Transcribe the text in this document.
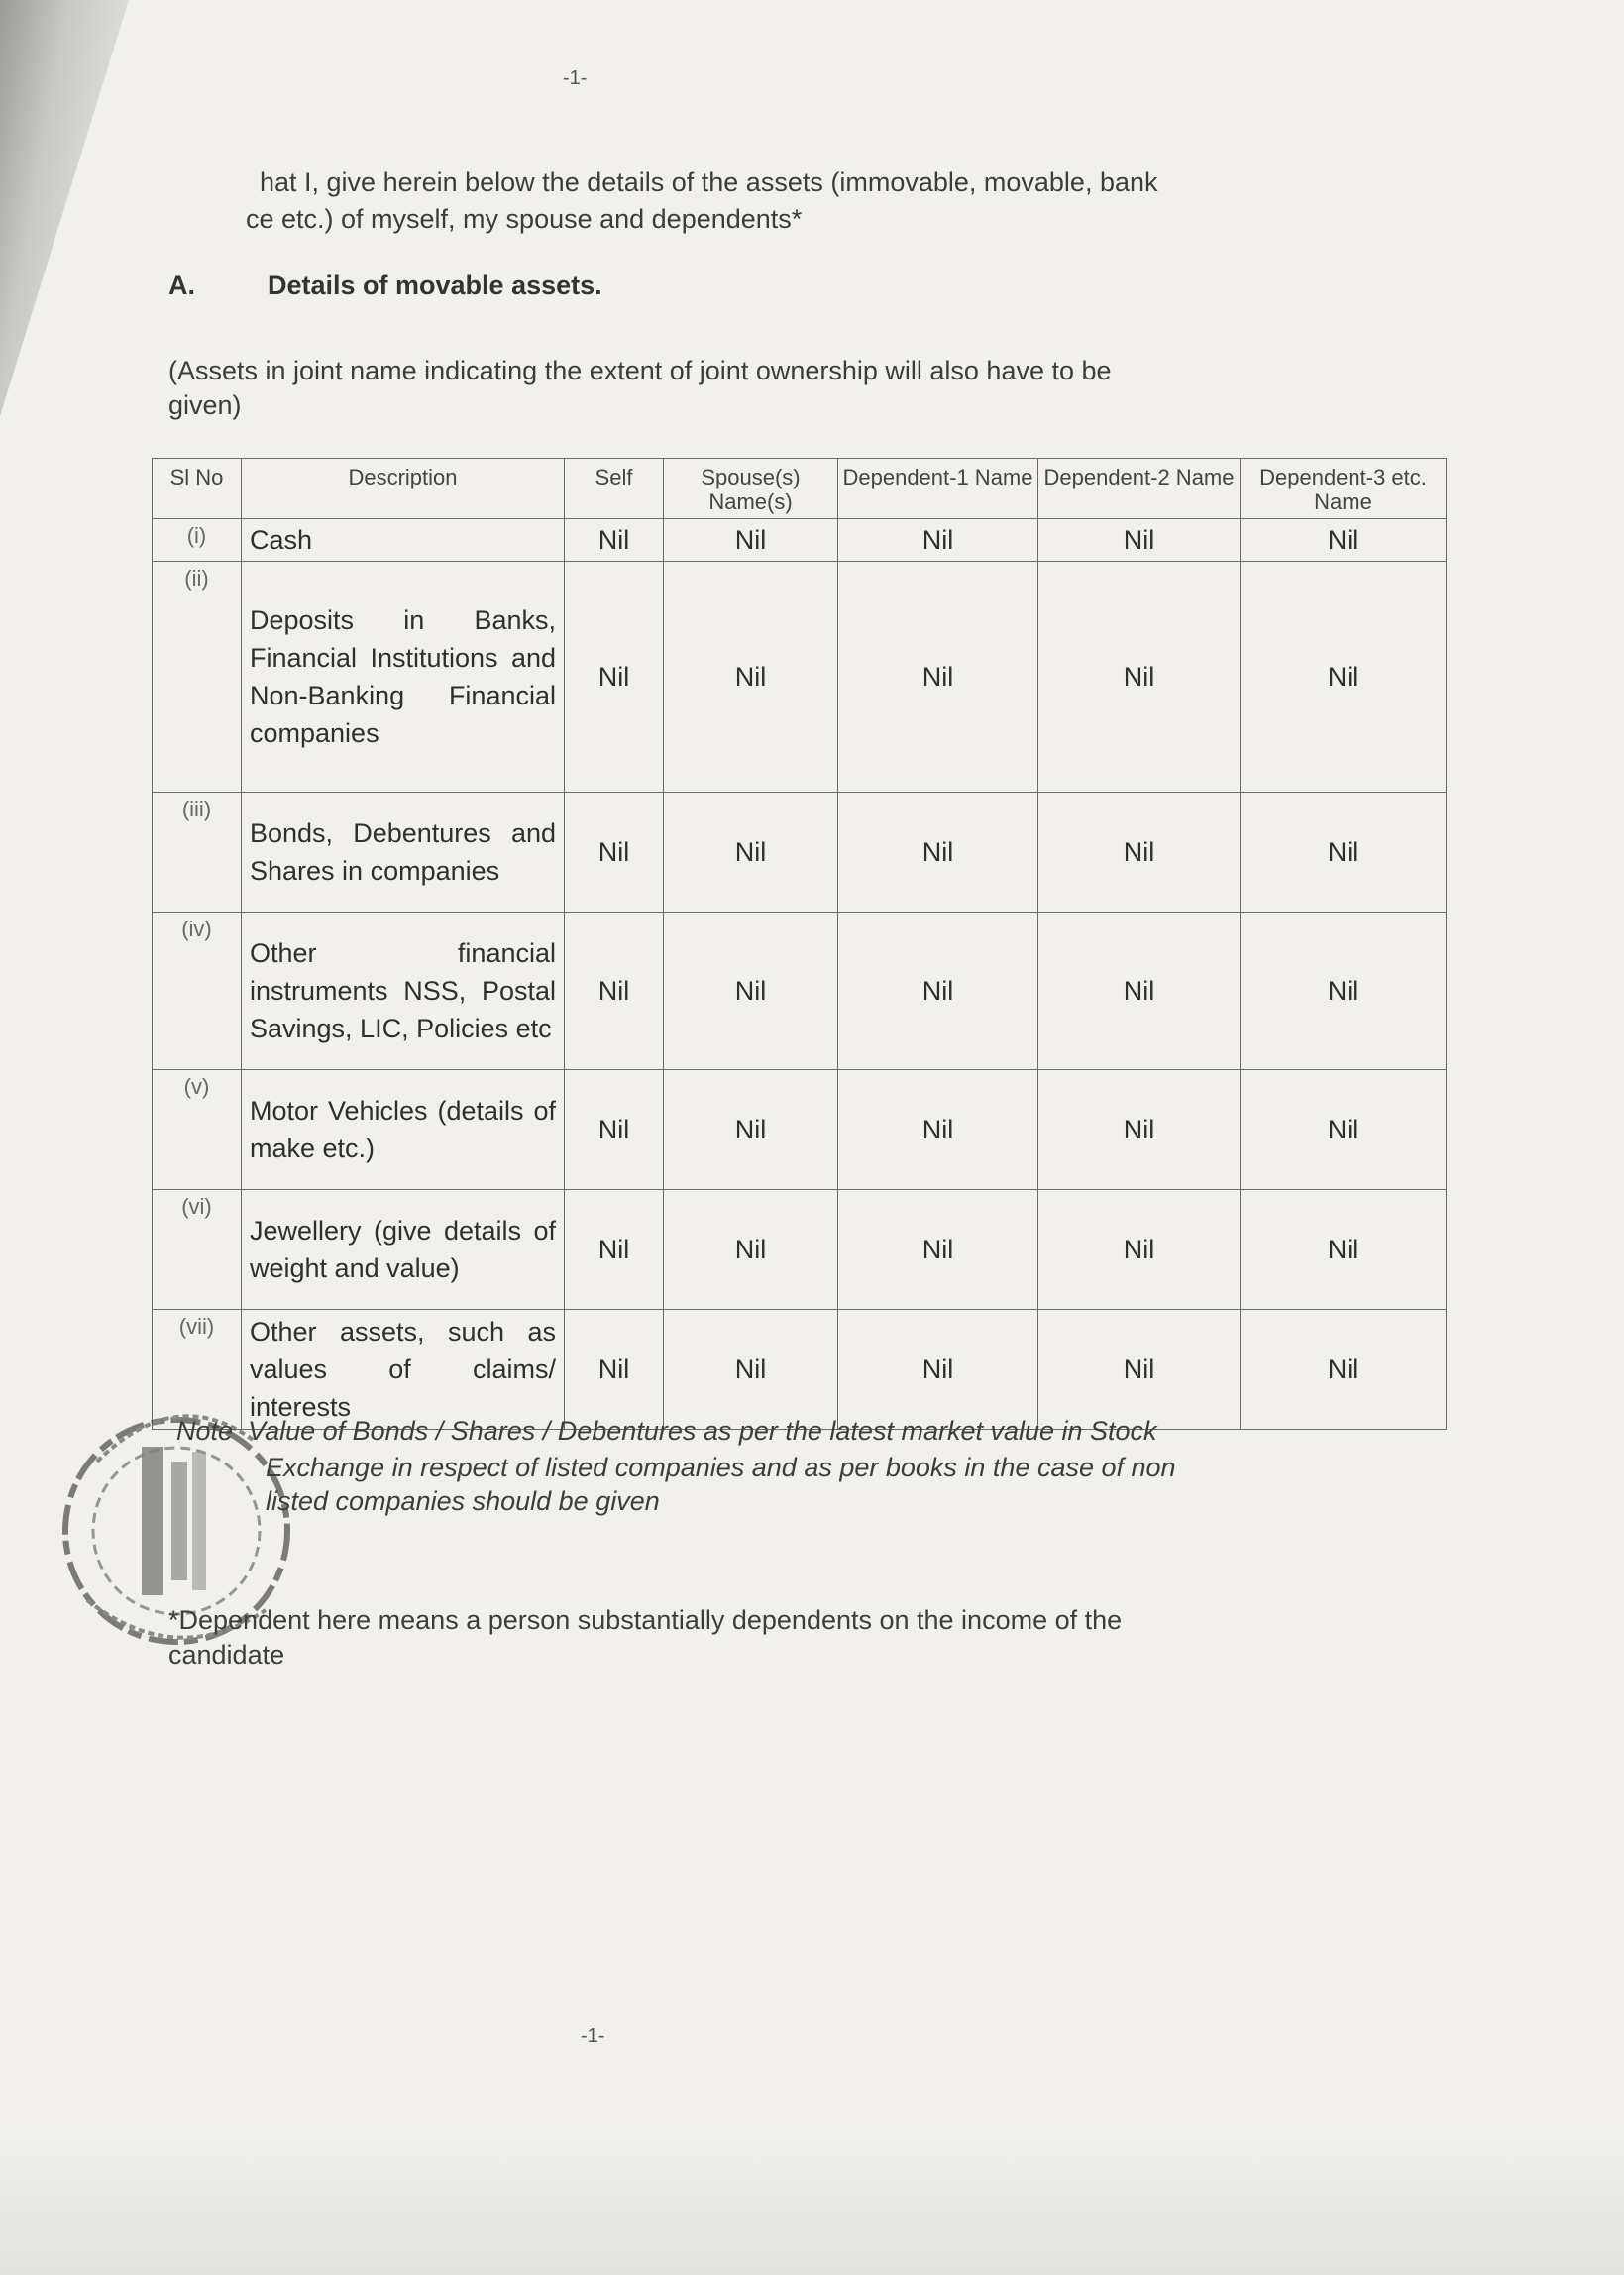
-1-
hat I, give herein below the details of the assets (immovable, movable, bank
ce etc.) of myself, my spouse and dependents*
A.	Details of movable assets.
(Assets in joint name indicating the extent of joint ownership will also have to be
given)
Sl No	Description	Self	Spouse(s) Name(s)	Dependent-1 Name	Dependent-2 Name	Dependent-3 etc. Name
(i)	Cash	Nil	Nil	Nil	Nil	Nil
(ii)	Deposits in Banks, Financial Institutions and Non-Banking Financial companies	Nil	Nil	Nil	Nil	Nil
(iii)	Bonds, Debentures and Shares in companies	Nil	Nil	Nil	Nil	Nil
(iv)	Other financial instruments NSS, Postal Savings, LIC, Policies etc	Nil	Nil	Nil	Nil	Nil
(v)	Motor Vehicles (details of make etc.)	Nil	Nil	Nil	Nil	Nil
(vi)	Jewellery (give details of weight and value)	Nil	Nil	Nil	Nil	Nil
(vii)	Other assets, such as values of claims/ interests	Nil	Nil	Nil	Nil	Nil
Note Value of Bonds / Shares / Debentures as per the latest market value in Stock
Exchange in respect of listed companies and as per books in the case of non
listed companies should be given
*Dependent here means a person substantially dependents on the income of the
candidate
-1-
